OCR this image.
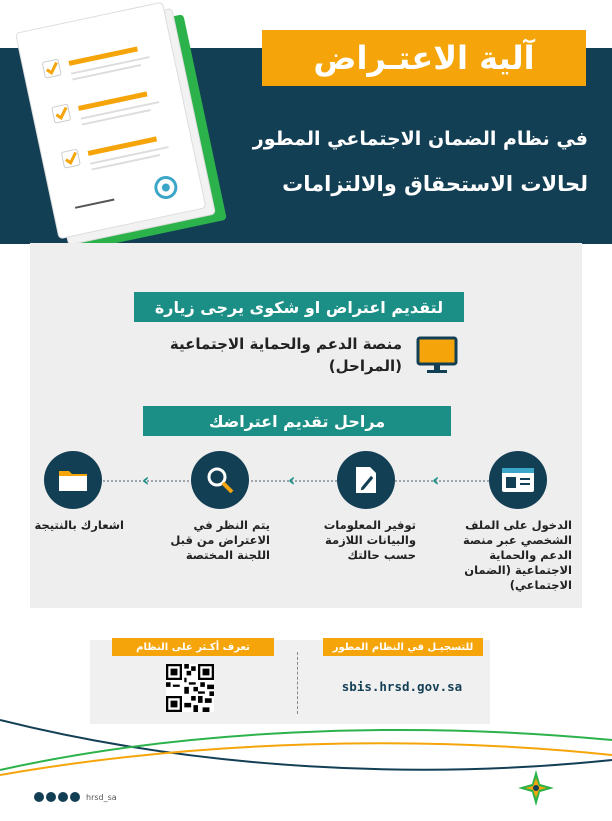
آلية الاعتـراض
في نظام الضمان الاجتماعي المطور
لحالات الاستحقاق والالتزامات
لتقديم اعتراض او شكوى يرجى زيارة
منصة الدعم والحماية الاجتماعية
(المراحل)
مراحل تقديم اعتراضك
‹
‹
‹
الدخول على الملف
الشخصي عبر منصة
الدعم والحماية
الاجتماعية (الضمان
الاجتماعي)
توفير المعلومات
والبيانات اللازمة
حسب حالتك
يتم النظر في
الاعتراض من قبل
اللجنة المختصة
اشعارك بالنتيجة
للتسجيـل في النظام المطور
تعرف أكـثر على النظام
sbis.hrsd.gov.sa
hrsd_sa
